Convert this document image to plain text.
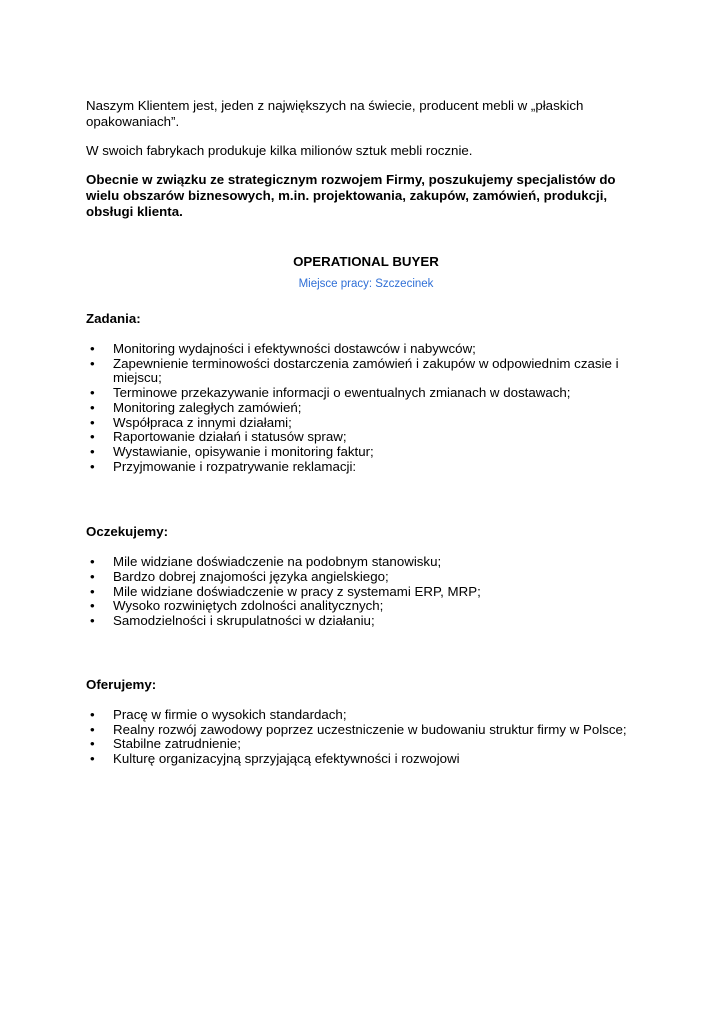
Naszym Klientem jest, jeden z największych na świecie, producent mebli w „płaskich opakowaniach”.

W swoich fabrykach produkuje kilka milionów sztuk mebli rocznie.

Obecnie w związku ze strategicznym rozwojem Firmy, poszukujemy specjalistów do wielu obszarów biznesowych, m.in. projektowania, zakupów, zamówień, produkcji, obsługi klienta.

OPERATIONAL BUYER

Miejsce pracy: Szczecinek

Zadania:

• Monitoring wydajności i efektywności dostawców i nabywców;
• Zapewnienie terminowości dostarczenia zamówień i zakupów w odpowiednim czasie i miejscu;
• Terminowe przekazywanie informacji o ewentualnych zmianach w dostawach;
• Monitoring zaległych zamówień;
• Współpraca z innymi działami;
• Raportowanie działań i statusów spraw;
• Wystawianie, opisywanie i monitoring faktur;
• Przyjmowanie i rozpatrywanie reklamacji:

Oczekujemy:

• Mile widziane doświadczenie na podobnym stanowisku;
• Bardzo dobrej znajomości języka angielskiego;
• Mile widziane doświadczenie w pracy z systemami ERP, MRP;
• Wysoko rozwiniętych zdolności analitycznych;
• Samodzielności i skrupulatności w działaniu;

Oferujemy:

• Pracę w firmie o wysokich standardach;
• Realny rozwój zawodowy poprzez uczestniczenie w budowaniu struktur firmy w Polsce;
• Stabilne zatrudnienie;
• Kulturę organizacyjną sprzyjającą efektywności i rozwojowi
